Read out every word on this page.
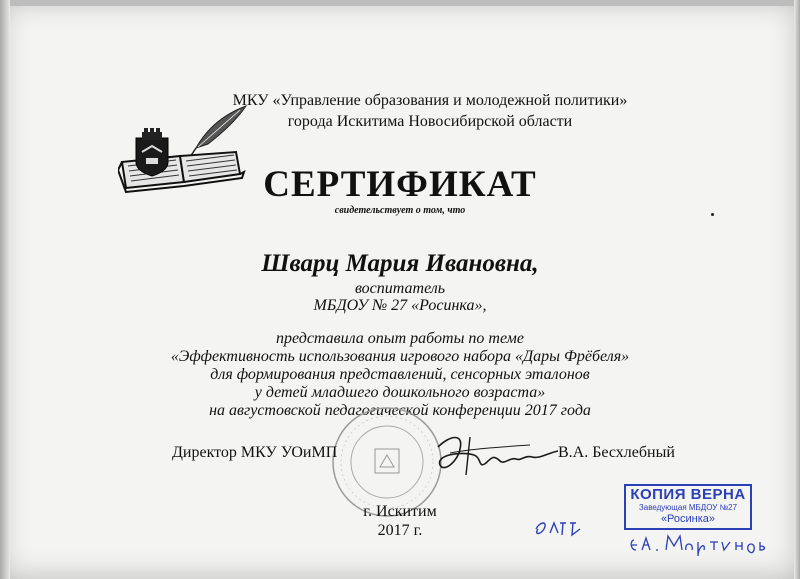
МКУ «Управление образования и молодежной политики»
города Искитима Новосибирской области
СЕРТИФИКАТ
свидетельствует о том, что
Шварц Мария Ивановна,
воспитатель
МБДОУ № 27 «Росинка»,
представила опыт работы по теме
«Эффективность использования игрового набора «Дары Фрёбеля»
для формирования представлений, сенсорных эталонов
у детей младшего дошкольного возраста»
на августовской педагогической конференции 2017 года
Директор МКУ УОиМП	В.А. Бесхлебный
г. Искитим
2017 г.
КОПИЯ ВЕРНА
Заведующая МБДОУ №27
«Росинка»
